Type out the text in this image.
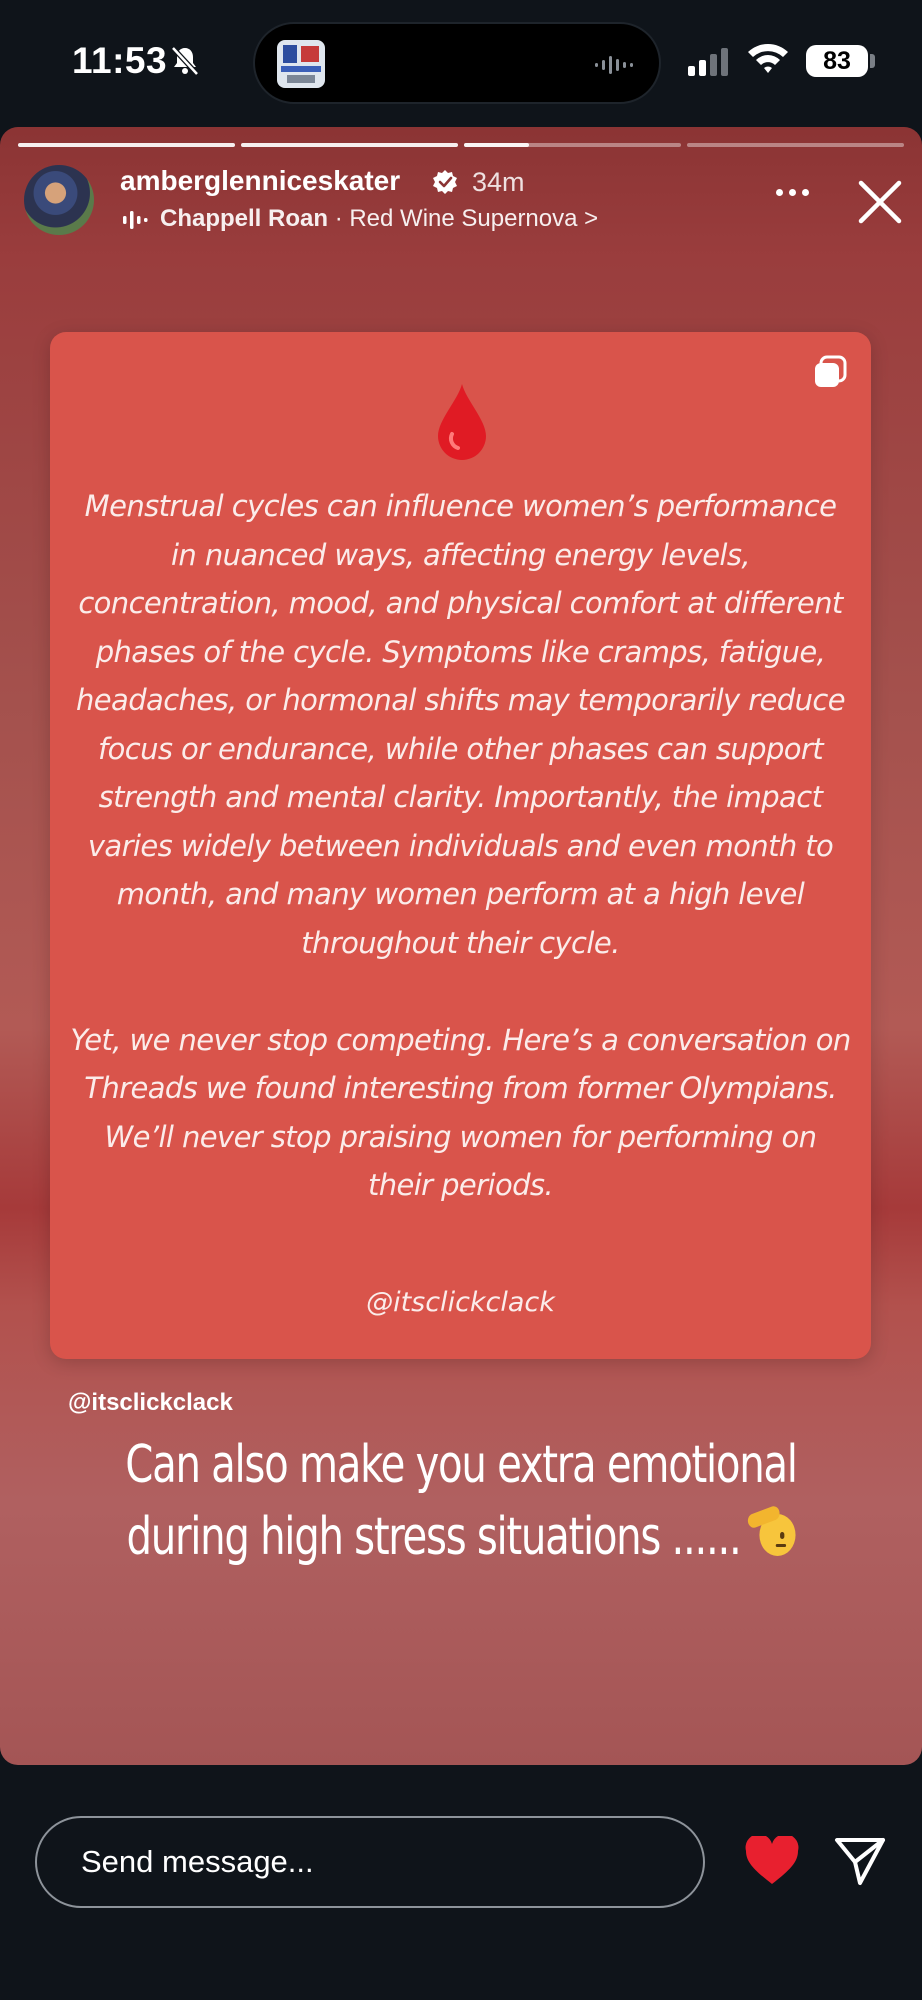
11:53	83
amberglenniceskater	34m
Chappell Roan · Red Wine Supernova >

Menstrual cycles can influence women’s performance in nuanced ways, affecting energy levels, concentration, mood, and physical comfort at different phases of the cycle. Symptoms like cramps, fatigue, headaches, or hormonal shifts may temporarily reduce focus or endurance, while other phases can support strength and mental clarity. Importantly, the impact varies widely between individuals and even month to month, and many women perform at a high level throughout their cycle.

Yet, we never stop competing. Here’s a conversation on Threads we found interesting from former Olympians. We’ll never stop praising women for performing on their periods.

@itsclickclack
@itsclickclack
Can also make you extra emotional during high stress situations ......
Send message...
